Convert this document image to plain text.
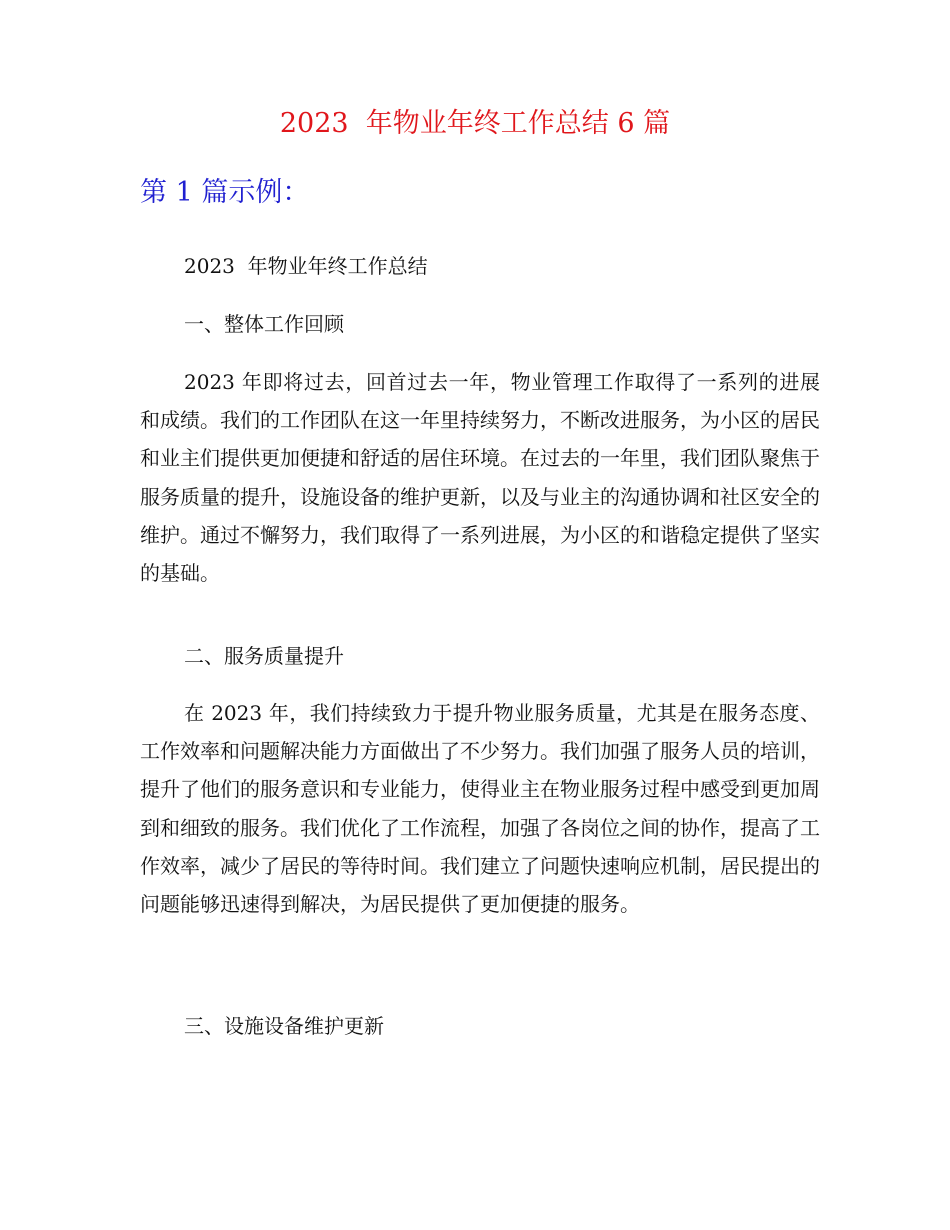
2023  年物业年终工作总结 6 篇
第 1 篇示例：
2023  年物业年终工作总结
一、整体工作回顾
2023 年即将过去，回首过去一年，物业管理工作取得了一系列的进展和成绩。我们的工作团队在这一年里持续努力，不断改进服务，为小区的居民和业主们提供更加便捷和舒适的居住环境。在过去的一年里，我们团队聚焦于服务质量的提升，设施设备的维护更新，以及与业主的沟通协调和社区安全的维护。通过不懈努力，我们取得了一系列进展，为小区的和谐稳定提供了坚实的基础。
二、服务质量提升
在 2023 年，我们持续致力于提升物业服务质量，尤其是在服务态度、工作效率和问题解决能力方面做出了不少努力。我们加强了服务人员的培训，提升了他们的服务意识和专业能力，使得业主在物业服务过程中感受到更加周到和细致的服务。我们优化了工作流程，加强了各岗位之间的协作，提高了工作效率，减少了居民的等待时间。我们建立了问题快速响应机制，居民提出的问题能够迅速得到解决，为居民提供了更加便捷的服务。
三、设施设备维护更新
